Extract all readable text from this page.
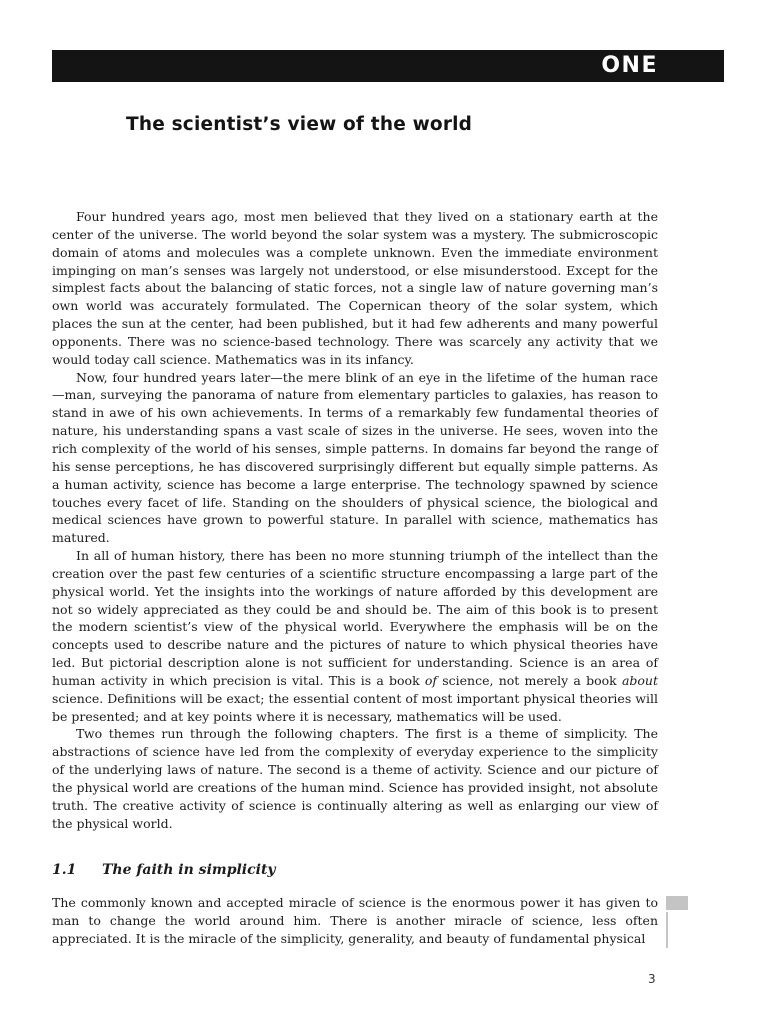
ONE
The scientist’s view of the world

Four hundred years ago, most men believed that they lived on a stationary earth at the center of the universe. The world beyond the solar system was a mystery. The submicroscopic domain of atoms and molecules was a complete unknown. Even the immediate environment impinging on man’s senses was largely not understood, or else misunderstood. Except for the simplest facts about the balancing of static forces, not a single law of nature governing man’s own world was accurately formulated. The Copernican theory of the solar system, which places the sun at the center, had been published, but it had few adherents and many powerful opponents. There was no science-based technology. There was scarcely any activity that we would today call science. Mathematics was in its infancy.

Now, four hundred years later—the mere blink of an eye in the lifetime of the human race—man, surveying the panorama of nature from elementary particles to galaxies, has reason to stand in awe of his own achievements. In terms of a remarkably few fundamental theories of nature, his understanding spans a vast scale of sizes in the universe. He sees, woven into the rich complexity of the world of his senses, simple patterns. In domains far beyond the range of his sense perceptions, he has discovered surprisingly different but equally simple patterns. As a human activity, science has become a large enterprise. The technology spawned by science touches every facet of life. Standing on the shoulders of physical science, the biological and medical sciences have grown to powerful stature. In parallel with science, mathematics has matured.

In all of human history, there has been no more stunning triumph of the intellect than the creation over the past few centuries of a scientific structure encompassing a large part of the physical world. Yet the insights into the workings of nature afforded by this development are not so widely appreciated as they could be and should be. The aim of this book is to present the modern scientist’s view of the physical world. Everywhere the emphasis will be on the concepts used to describe nature and the pictures of nature to which physical theories have led. But pictorial description alone is not sufficient for understanding. Science is an area of human activity in which precision is vital. This is a book of science, not merely a book about science. Definitions will be exact; the essential content of most important physical theories will be presented; and at key points where it is necessary, mathematics will be used.

Two themes run through the following chapters. The first is a theme of simplicity. The abstractions of science have led from the complexity of everyday experience to the simplicity of the underlying laws of nature. The second is a theme of activity. Science and our picture of the physical world are creations of the human mind. Science has provided insight, not absolute truth. The creative activity of science is continually altering as well as enlarging our view of the physical world.

1.1 The faith in simplicity

The commonly known and accepted miracle of science is the enormous power it has given to man to change the world around him. There is another miracle of science, less often appreciated. It is the miracle of the simplicity, generality, and beauty of fundamental physical

3
